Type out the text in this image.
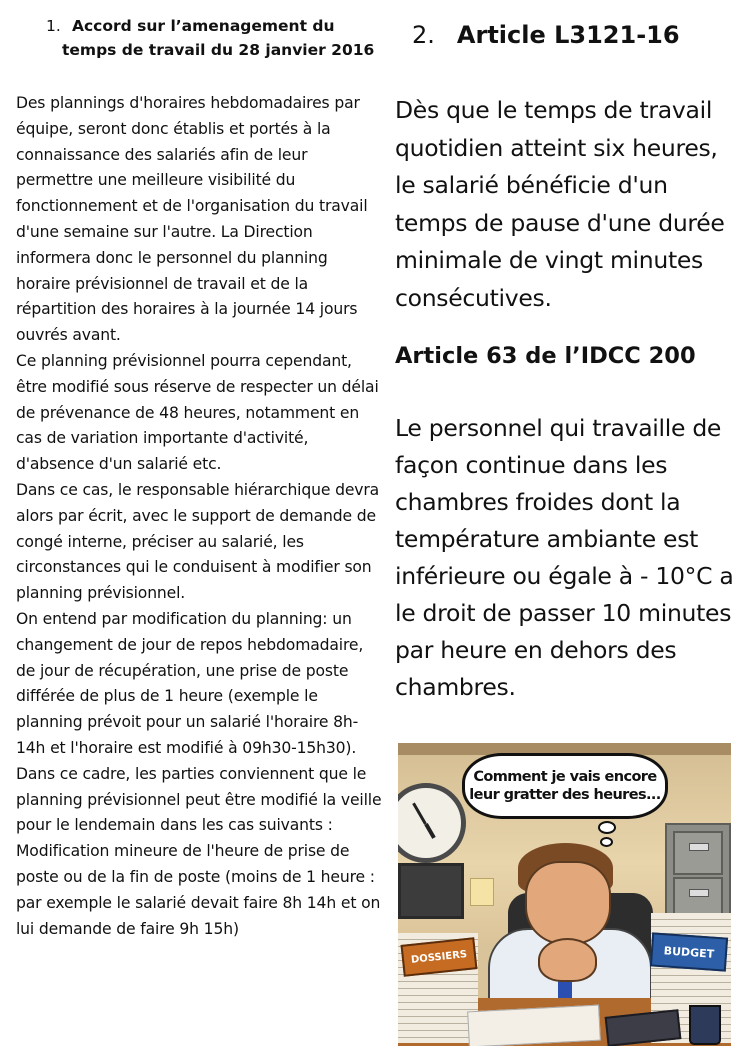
1. Accord sur l’amenagement du
temps de travail du 28 janvier 2016

Des plannings d'horaires hebdomadaires par équipe, seront donc établis et portés à la connaissance des salariés afin de leur permettre une meilleure visibilité du fonctionnement et de l'organisation du travail d'une semaine sur l'autre. La Direction informera donc le personnel du planning horaire prévisionnel de travail et de la répartition des horaires à la journée 14 jours ouvrés avant.

Ce planning prévisionnel pourra cependant, être modifié sous réserve de respecter un délai de prévenance de 48 heures, notamment en cas de variation importante d'activité, d'absence d'un salarié etc.

Dans ce cas, le responsable hiérarchique devra alors par écrit, avec le support de demande de congé interne, préciser au salarié, les circonstances qui le conduisent à modifier son

planning prévisionnel.

On entend par modification du planning: un changement de jour de repos hebdomadaire, de jour de récupération, une prise de poste différée de plus de 1 heure (exemple le planning prévoit pour un salarié l'horaire 8h-14h et l'horaire est modifié à 09h30-15h30).

Dans ce cadre, les parties conviennent que le planning prévisionnel peut être modifié la veille pour le lendemain dans les cas suivants :

Modification mineure de l'heure de prise de poste ou de la fin de poste (moins de 1 heure : par exemple le salarié devait faire 8h 14h et on lui demande de faire 9h 15h)

2. Article L3121-16
Dès que le temps de travail quotidien atteint six heures, le salarié bénéficie d'un temps de pause d'une durée minimale de vingt minutes consécutives.
Article 63 de l’IDCC 200
Le personnel qui travaille de façon continue dans les chambres froides dont la température ambiante est inférieure ou égale à - 10°C a le droit de passer 10 minutes par heure en dehors des chambres.
DOSSIERS	BUDGET
Comment je vais encore
leur gratter des heures...
